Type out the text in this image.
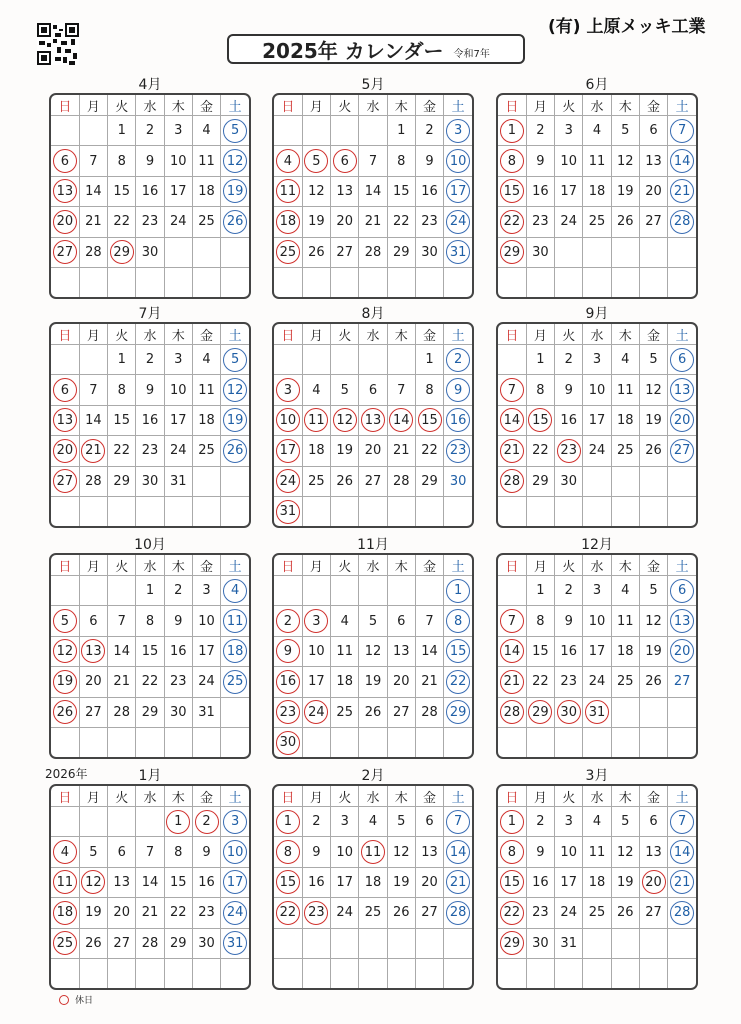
(有) 上原メッキ工業
2025年 カレンダー 令和7年
4月
日	月	火	水	木	金	土
		1	2	3	4	5
6	7	8	9	10	11	12
13	14	15	16	17	18	19
20	21	22	23	24	25	26
27	28	29	30			

5月
日	月	火	水	木	金	土
				1	2	3
4	5	6	7	8	9	10
11	12	13	14	15	16	17
18	19	20	21	22	23	24
25	26	27	28	29	30	31

6月
日	月	火	水	木	金	土
1	2	3	4	5	6	7
8	9	10	11	12	13	14
15	16	17	18	19	20	21
22	23	24	25	26	27	28
29	30					

7月
日	月	火	水	木	金	土
		1	2	3	4	5
6	7	8	9	10	11	12
13	14	15	16	17	18	19
20	21	22	23	24	25	26
27	28	29	30	31		

8月
日	月	火	水	木	金	土
					1	2
3	4	5	6	7	8	9
10	11	12	13	14	15	16
17	18	19	20	21	22	23
24	25	26	27	28	29	30
31						
9月
日	月	火	水	木	金	土
	1	2	3	4	5	6
7	8	9	10	11	12	13
14	15	16	17	18	19	20
21	22	23	24	25	26	27
28	29	30				

10月
日	月	火	水	木	金	土
			1	2	3	4
5	6	7	8	9	10	11
12	13	14	15	16	17	18
19	20	21	22	23	24	25
26	27	28	29	30	31	

11月
日	月	火	水	木	金	土
						1
2	3	4	5	6	7	8
9	10	11	12	13	14	15
16	17	18	19	20	21	22
23	24	25	26	27	28	29
30						
12月
日	月	火	水	木	金	土
	1	2	3	4	5	6
7	8	9	10	11	12	13
14	15	16	17	18	19	20
21	22	23	24	25	26	27
28	29	30	31			

1月
2026年
日	月	火	水	木	金	土
				1	2	3
4	5	6	7	8	9	10
11	12	13	14	15	16	17
18	19	20	21	22	23	24
25	26	27	28	29	30	31

2月
日	月	火	水	木	金	土
1	2	3	4	5	6	7
8	9	10	11	12	13	14
15	16	17	18	19	20	21
22	23	24	25	26	27	28

3月
日	月	火	水	木	金	土
1	2	3	4	5	6	7
8	9	10	11	12	13	14
15	16	17	18	19	20	21
22	23	24	25	26	27	28
29	30	31				

休日
